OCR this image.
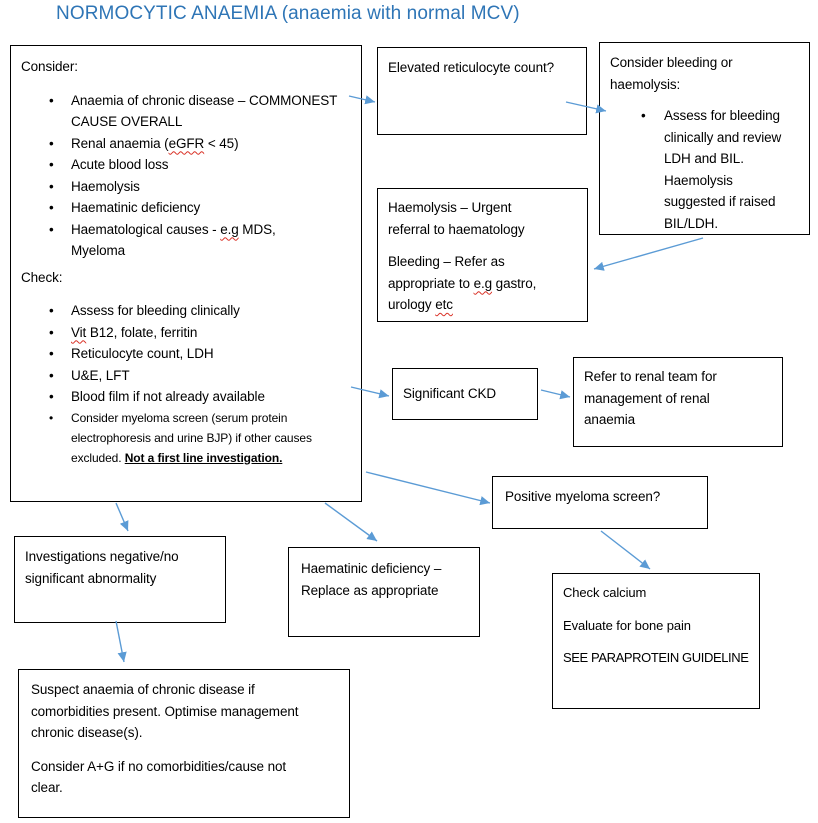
NORMOCYTIC ANAEMIA (anaemia with normal MCV)
Consider:
• Anaemia of chronic disease – COMMONEST
CAUSE OVERALL
• Renal anaemia (eGFR < 45)
• Acute blood loss
• Haemolysis
• Haematinic deficiency
• Haematological causes - e.g MDS,
Myeloma
Check:
• Assess for bleeding clinically
• Vit B12, folate, ferritin
• Reticulocyte count, LDH
• U&E, LFT
• Blood film if not already available
• Consider myeloma screen (serum protein
electrophoresis and urine BJP) if other causes
excluded. Not a first line investigation.
Elevated reticulocyte count?	Consider bleeding or
haemolysis:
• Assess for bleeding
clinically and review
LDH and BIL.
Haemolysis
suggested if raised
BIL/LDH.
Haemolysis – Urgent
referral to haematology
Bleeding – Refer as
appropriate to e.g gastro,
urology etc
Significant CKD
Refer to renal team for
management of renal
anaemia
Positive myeloma screen?
Investigations negative/no
significant abnormality
Haematinic deficiency –
Replace as appropriate	Check calcium
Evaluate for bone pain
SEE PARAPROTEIN GUIDELINE
Suspect anaemia of chronic disease if
comorbidities present. Optimise management
chronic disease(s).
Consider A+G if no comorbidities/cause not
clear.
